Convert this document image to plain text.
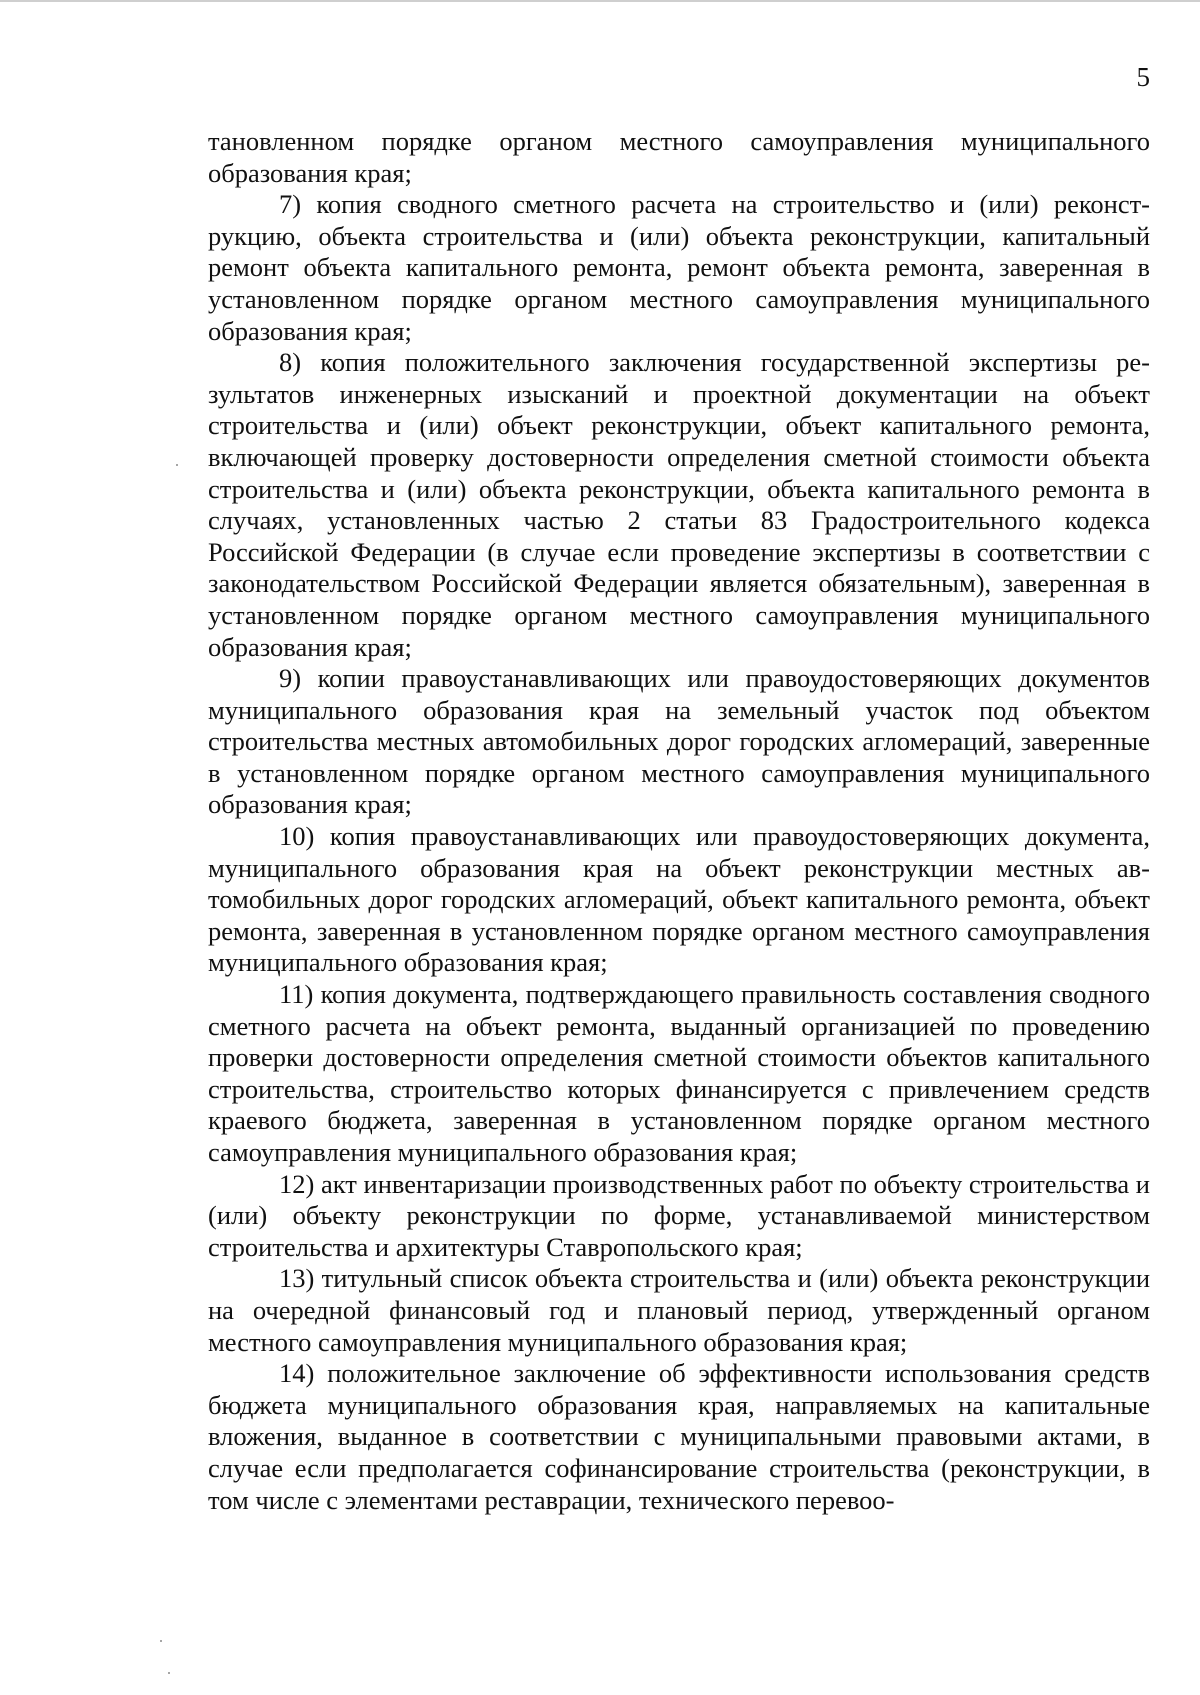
5

тановленном порядке органом местного самоуправления муниципального образования края;

7) копия сводного сметного расчета на строительство и (или) реконструкцию, объекта строительства и (или) объекта реконструкции, капитальный ремонт объекта капитального ремонта, ремонт объекта ремонта, заверенная в установленном порядке органом местного самоуправления муниципального образования края;

8) копия положительного заключения государственной экспертизы результатов инженерных изысканий и проектной документации на объект строительства и (или) объект реконструкции, объект капитального ремонта, включающей проверку достоверности определения сметной стоимости объекта строительства и (или) объекта реконструкции, объекта капитального ремонта в случаях, установленных частью 2 статьи 83 Градостроительного кодекса Российской Федерации (в случае если проведение экспертизы в соответствии с законодательством Российской Федерации является обязательным), заверенная в установленном порядке органом местного самоуправления муниципального образования края;

9) копии правоустанавливающих или правоудостоверяющих документов муниципального образования края на земельный участок под объектом строительства местных автомобильных дорог городских агломераций, заверенные в установленном порядке органом местного самоуправления муниципального образования края;

10) копия правоустанавливающих или правоудостоверяющих документа, муниципального образования края на объект реконструкции местных автомобильных дорог городских агломераций, объект капитального ремонта, объект ремонта, заверенная в установленном порядке органом местного самоуправления муниципального образования края;

11) копия документа, подтверждающего правильность составления сводного сметного расчета на объект ремонта, выданный организацией по проведению проверки достоверности определения сметной стоимости объектов капитального строительства, строительство которых финансируется с привлечением средств краевого бюджета, заверенная в установленном порядке органом местного самоуправления муниципального образования края;

12) акт инвентаризации производственных работ по объекту строительства и (или) объекту реконструкции по форме, устанавливаемой министерством строительства и архитектуры Ставропольского края;

13) титульный список объекта строительства и (или) объекта реконструкции на очередной финансовый год и плановый период, утвержденный органом местного самоуправления муниципального образования края;

14) положительное заключение об эффективности использования средств бюджета муниципального образования края, направляемых на капитальные вложения, выданное в соответствии с муниципальными правовыми актами, в случае если предполагается софинансирование строительства (реконструкции, в том числе с элементами реставрации, технического перевоо-
